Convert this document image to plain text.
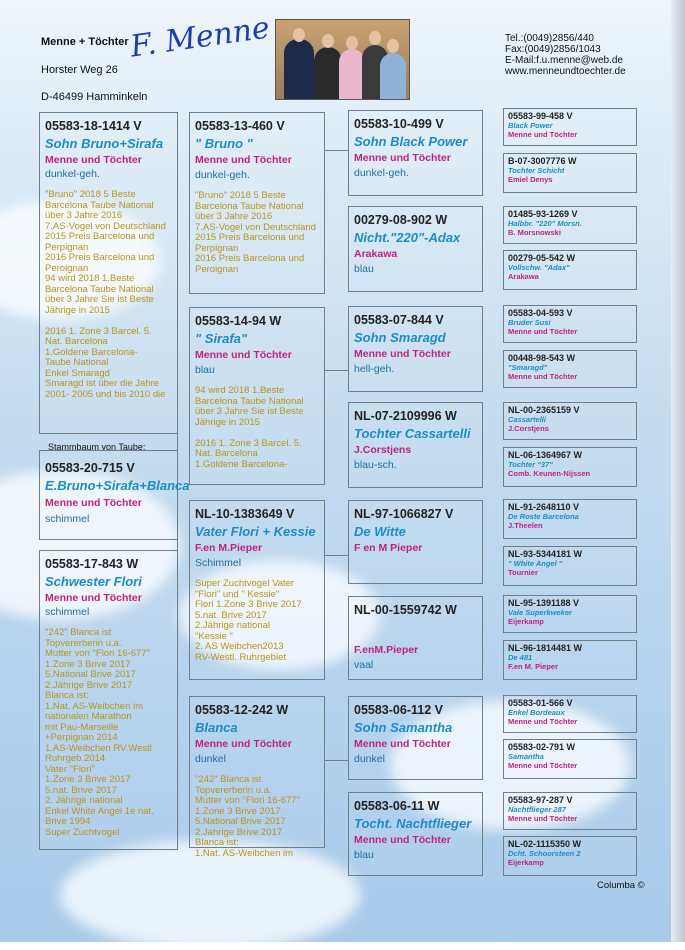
Menne + Töchter
Horster Weg 26
D-46499 Hamminkeln
F. Menne	Tel.:(0049)2856/440
Fax:(0049)2856/1043
E-Mail:f.u.menne@web.de
www.menneundtoechter.de
05583-18-1414 V
Sohn Bruno+Sirafa
Menne und Töchter
dunkel-geh.
"Bruno" 2018 5 Beste
Barcelona Taube National
über 3 Jahre 2016
7.AS-Vogel von Deutschland
2015 Preis Barcelona und
Perpignan
2016 Preis Barcelona und
Peroignan
94 wird 2018 1.Beste
Barcelona Taube National
über 3 Jahre Sie ist Beste
Jährige in 2015

2016 1. Zone 3 Barcel. 5.
Nat. Barcelona
1.Goldene Barcelona-
Taube National
Enkel Smaragd
Smaragd ist über die Jahre
2001- 2005 und bis 2010 die
Stammbaum von Taube:
05583-20-715 V
E.Bruno+Sirafa+Blanca
Menne und Töchter
schimmel
05583-17-843 W
Schwester Flori
Menne und Töchter
schimmel
"242" Blanca ist
Topvererberin u.a.
Mutter von "Flori 16-677"
1.Zone 3 Brive 2017
5.National Brive 2017
2.Jährige Brive 2017
Blanca ist:
1.Nat. AS-Weibchen im
nationalen Marathon
mit Pau-Marseille
+Perpignan 2014
1.AS-Weibchen RV.Westl
Ruhrgeb.2014
Vater "Flori"
1.Zone 3 Brive 2017
5.nat. Brive 2017
2. Jährige national
Enkel White Angel 1e nat.
Brive 1994
Super Zuchtvogel
05583-13-460 V
" Bruno "
Menne und Töchter
dunkel-geh.
"Bruno" 2018 5 Beste
Barcelona Taube National
über 3 Jahre 2016
7.AS-Vogel von Deutschland
2015 Preis Barcelona und
Perpignan
2016 Preis Barcelona und
Peroignan
05583-14-94 W
" Sirafa"
Menne und Töchter
blau
94 wird 2018 1.Beste
Barcelona Taube National
über 3 Jahre Sie ist Beste
Jährige in 2015

2016 1. Zone 3 Barcel. 5.
Nat. Barcelona
1.Goldene Barcelona-
NL-10-1383649 V
Vater Flori + Kessie
F.en M.Pieper
Schimmel
Super Zuchtvogel Vater
"Flori" und " Kessie"
Flori 1.Zone 3 Brive 2017
5.nat. Brive 2017
2.Jährige national
"Kessie "
2. AS Weibchen2013
RV-Westl. Ruhrgebiet
05583-12-242 W
Blanca
Menne und Töchter
dunkel
"242" Blanca ist
Topvererberin u.a.
Mutter von "Flori 16-677"
1.Zone 3 Brive 2017
5.National Brive 2017
2.Jahrige Brive 2017
Blanca ist:
1.Nat. AS-Weibchen im
05583-10-499 V
Sohn Black Power
Menne und Töchter
dunkel-geh.
00279-08-902 W
Nicht."220"-Adax
Arakawa
blau
05583-07-844 V
Sohn Smaragd
Menne und Töchter
hell-geh.
NL-07-2109996 W
Tochter Cassartelli
J.Corstjens
blau-sch.
NL-97-1066827 V
De Witte
F en M Pieper
NL-00-1559742 W
F.enM.Pieper
vaal
05583-06-112 V
Sohn Samantha
Menne und Töchter
dunkel
05583-06-11 W
Tocht. Nachtflieger
Menne und Töchter
blau
05583-99-458 V
Black Power
Menne und Töchter
B-07-3007776 W
Tochter Schicht
Emiel Denys
01485-93-1269 V
Halbbr. "220" Morsn.
B. Morsnowski
00279-05-542 W
Vollschw. "Adax"
Arakawa
05583-04-593 V
Bruder Susi
Menne und Töchter
00448-98-543 W
"Smaragd"
Menne und Töchter
NL-00-2365159 V
Cassartelli
J.Corstjens
NL-06-1364967 W
Tochter "37"
Comb. Keunen-Nijssen
NL-91-2648110 V
De Roste Barcelona
J.Theelen
NL-93-5344181 W
" White Angel "
Tournier
NL-95-1391188 V
Vale Superkweker
Eijerkamp
NL-96-1814481 W
De 481
F.en M. Pieper
05583-01-566 V
Enkel Bordeaux
Menne und Töchter
05583-02-791 W
Samantha
Menne und Töchter
05583-97-287 V
Nachtflieger 287
Menne und Töchter
NL-02-1115350 W
Dcht. Schoorsteen 2
Eijerkamp
Columba ©
